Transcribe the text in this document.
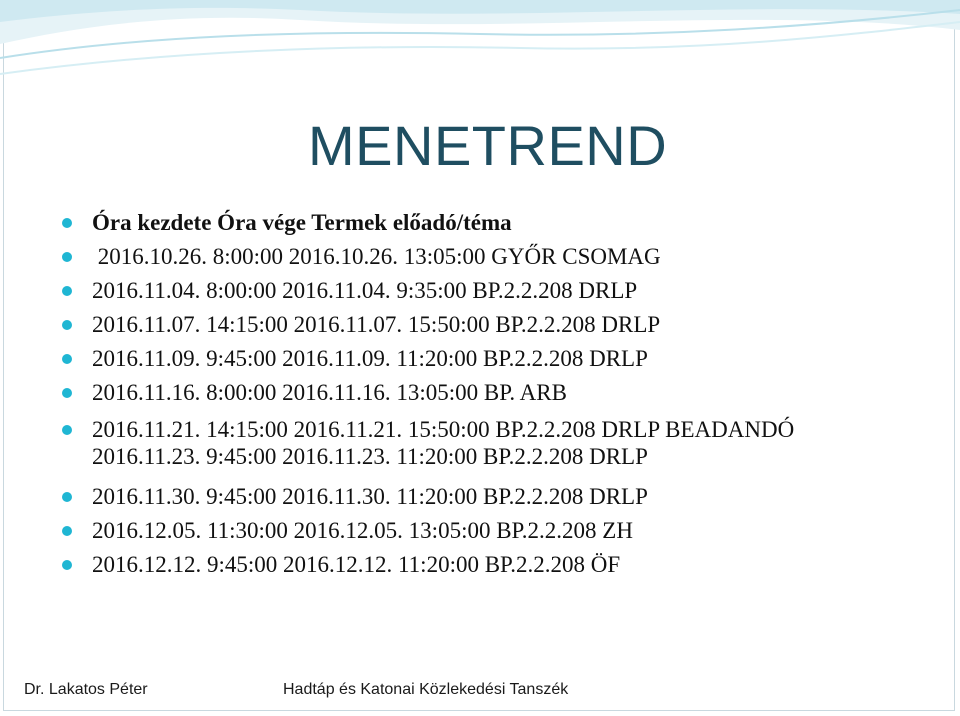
MENETREND
Óra kezdete Óra vége Termek előadó/téma
2016.10.26. 8:00:00 2016.10.26. 13:05:00 GYŐR CSOMAG
2016.11.04. 8:00:00 2016.11.04. 9:35:00 BP.2.2.208 DRLP
2016.11.07. 14:15:00 2016.11.07. 15:50:00 BP.2.2.208 DRLP
2016.11.09. 9:45:00 2016.11.09. 11:20:00 BP.2.2.208 DRLP
2016.11.16. 8:00:00 2016.11.16. 13:05:00 BP. ARB
2016.11.21. 14:15:00 2016.11.21. 15:50:00 BP.2.2.208 DRLP BEADANDÓ
2016.11.23. 9:45:00 2016.11.23. 11:20:00 BP.2.2.208 DRLP
2016.11.30. 9:45:00 2016.11.30. 11:20:00 BP.2.2.208 DRLP
2016.12.05. 11:30:00 2016.12.05. 13:05:00 BP.2.2.208 ZH
2016.12.12. 9:45:00 2016.12.12. 11:20:00 BP.2.2.208 ÖF
Dr. Lakatos Péter	Hadtáp és Katonai Közlekedési Tanszék
